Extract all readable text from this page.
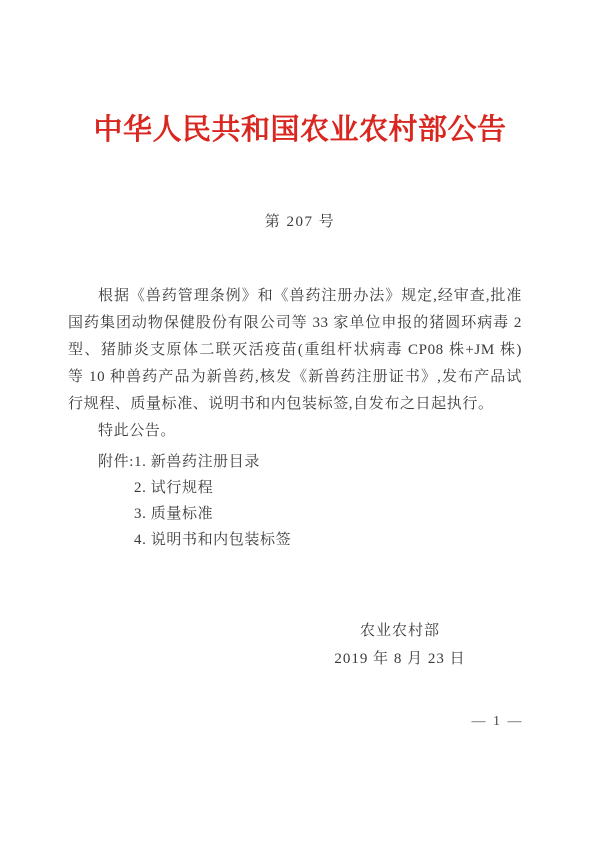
中华人民共和国农业农村部公告
第 207 号
根据《兽药管理条例》和《兽药注册办法》规定,经审查,批准
国药集团动物保健股份有限公司等 33 家单位申报的猪圆环病毒 2
型、猪肺炎支原体二联灭活疫苗(重组杆状病毒 CP08 株+JM 株)
等 10 种兽药产品为新兽药,核发《新兽药注册证书》,发布产品试
行规程、质量标准、说明书和内包装标签,自发布之日起执行。
特此公告。
附件: 1. 新兽药注册目录
2. 试行规程
3. 质量标准
4. 说明书和内包装标签
农业农村部
2019 年 8 月 23 日
— 1 —
